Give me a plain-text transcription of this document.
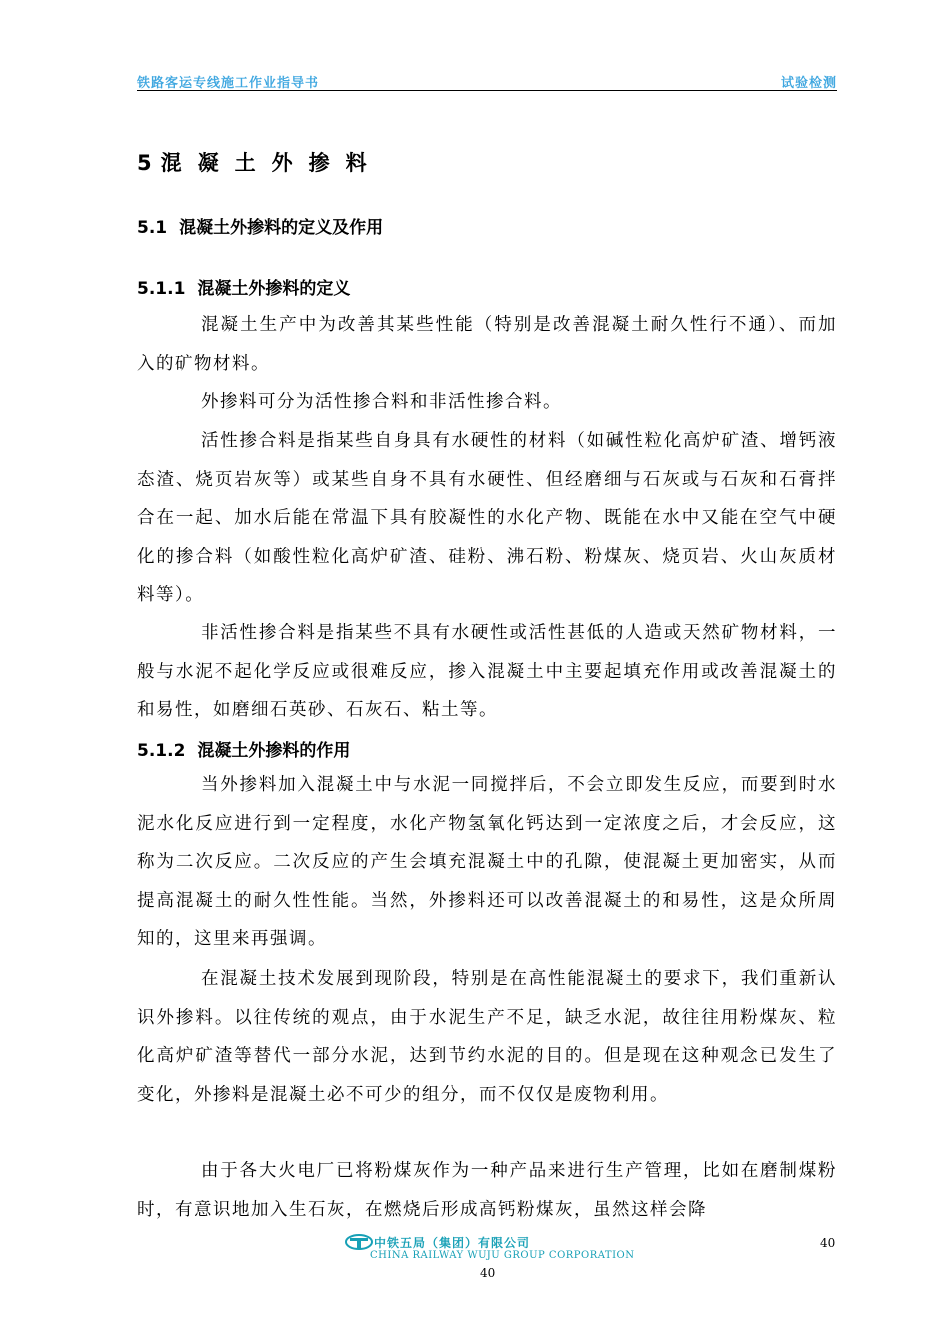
铁路客运专线施工作业指导书	试验检测
5 混凝土外掺料
5.1 混凝土外掺料的定义及作用
5.1.1 混凝土外掺料的定义

混凝土生产中为改善其某些性能（特别是改善混凝土耐久性行不通）、而加入的矿物材料。

外掺料可分为活性掺合料和非活性掺合料。

活性掺合料是指某些自身具有水硬性的材料（如碱性粒化高炉矿渣、增钙液态渣、烧页岩灰等）或某些自身不具有水硬性、但经磨细与石灰或与石灰和石膏拌合在一起、加水后能在常温下具有胶凝性的水化产物、既能在水中又能在空气中硬化的掺合料（如酸性粒化高炉矿渣、硅粉、沸石粉、粉煤灰、烧页岩、火山灰质材料等）。

非活性掺合料是指某些不具有水硬性或活性甚低的人造或天然矿物材料，一般与水泥不起化学反应或很难反应，掺入混凝土中主要起填充作用或改善混凝土的和易性，如磨细石英砂、石灰石、粘土等。

5.1.2 混凝土外掺料的作用

当外掺料加入混凝土中与水泥一同搅拌后，不会立即发生反应，而要到时水泥水化反应进行到一定程度，水化产物氢氧化钙达到一定浓度之后，才会反应，这称为二次反应。二次反应的产生会填充混凝土中的孔隙，使混凝土更加密实，从而提高混凝土的耐久性性能。当然，外掺料还可以改善混凝土的和易性，这是众所周知的，这里来再强调。

在混凝土技术发展到现阶段，特别是在高性能混凝土的要求下，我们重新认识外掺料。以往传统的观点，由于水泥生产不足，缺乏水泥，故往往用粉煤灰、粒化高炉矿渣等替代一部分水泥，达到节约水泥的目的。但是现在这种观念已发生了变化，外掺料是混凝土必不可少的组分，而不仅仅是废物利用。

由于各大火电厂已将粉煤灰作为一种产品来进行生产管理，比如在磨制煤粉时，有意识地加入生石灰，在燃烧后形成高钙粉煤灰，虽然这样会降

中铁五局（集团）有限公司
CHINA RAILWAY WUJU GROUP CORPORATION
40
40
